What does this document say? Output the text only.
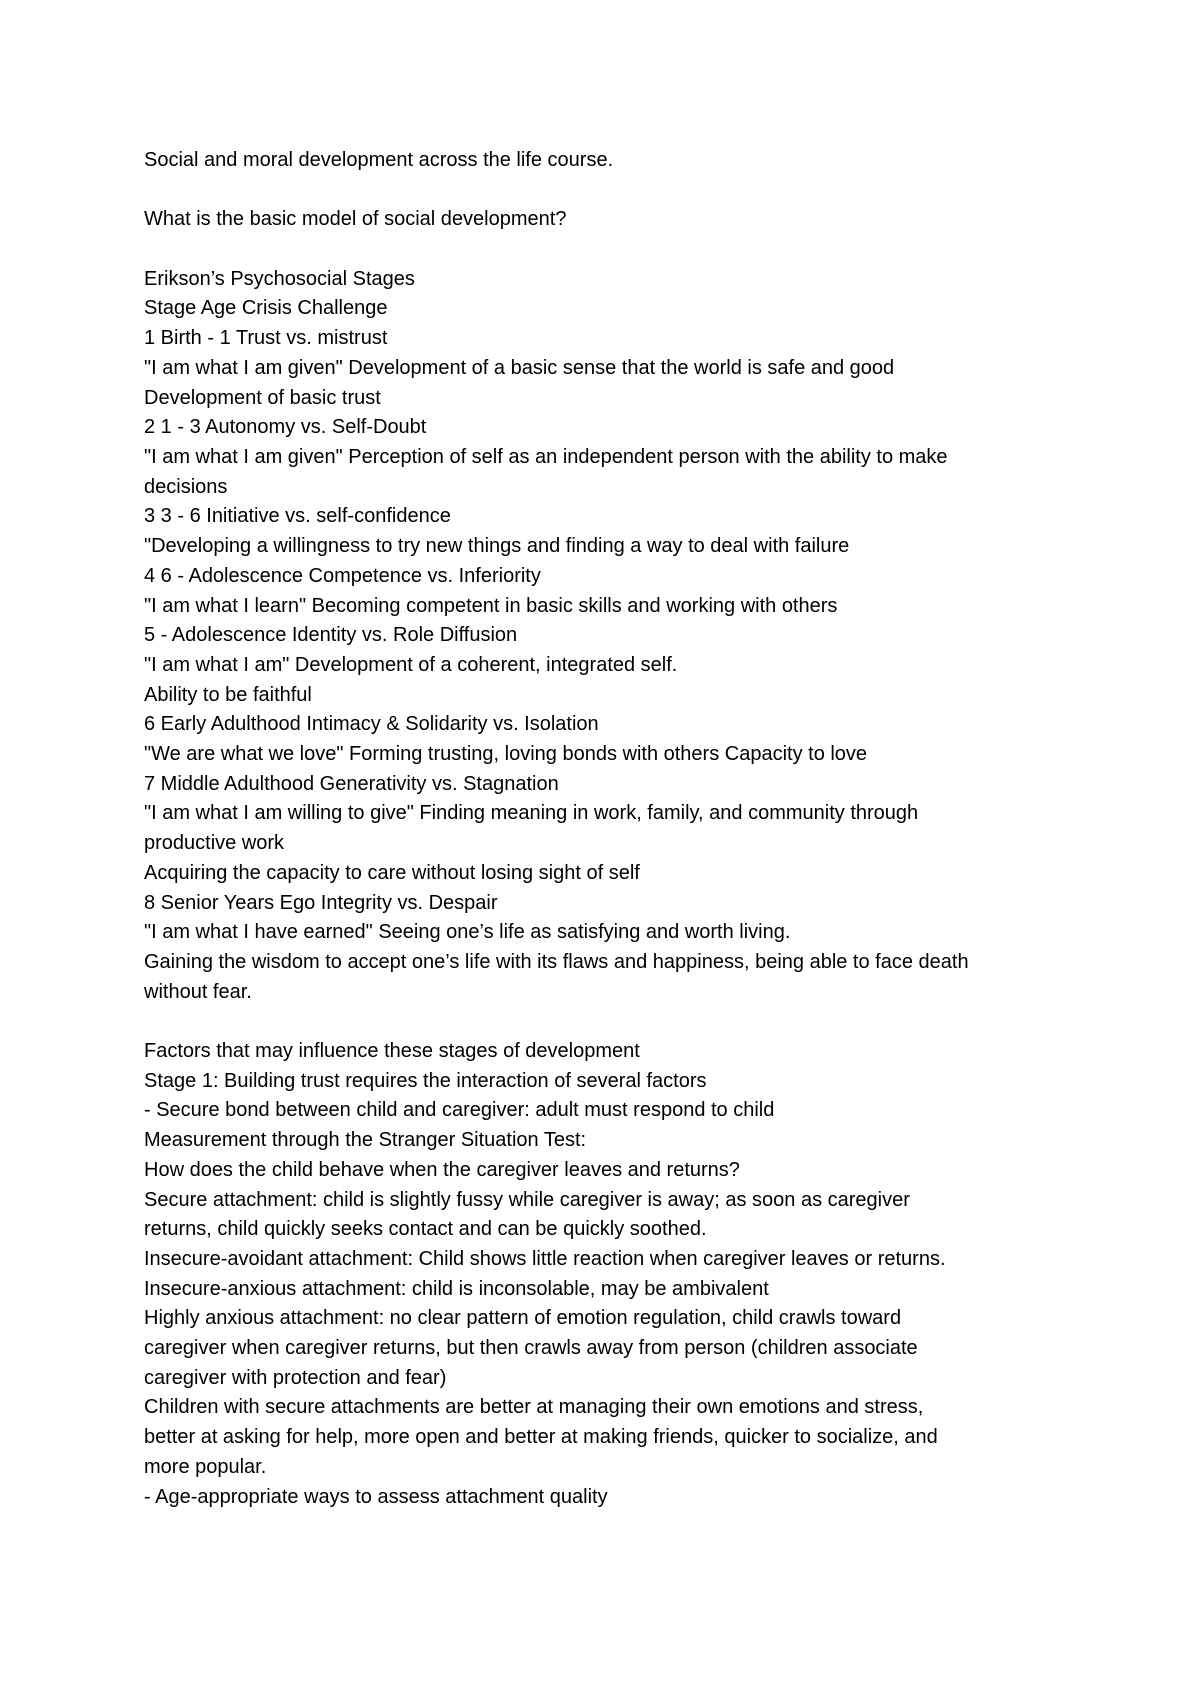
Social and moral development across the life course.

What is the basic model of social development?

Erikson’s Psychosocial Stages

Stage Age Crisis Challenge

1 Birth - 1 Trust vs. mistrust

"I am what I am given" Development of a basic sense that the world is safe and good

Development of basic trust

2 1 - 3 Autonomy vs. Self-Doubt

"I am what I am given" Perception of self as an independent person with the ability to make

decisions

3 3 - 6 Initiative vs. self-confidence

"Developing a willingness to try new things and finding a way to deal with failure

4 6 - Adolescence Competence vs. Inferiority

"I am what I learn" Becoming competent in basic skills and working with others

5 - Adolescence Identity vs. Role Diffusion

"I am what I am" Development of a coherent, integrated self.

Ability to be faithful

6 Early Adulthood Intimacy & Solidarity vs. Isolation

"We are what we love" Forming trusting, loving bonds with others Capacity to love

7 Middle Adulthood Generativity vs. Stagnation

"I am what I am willing to give" Finding meaning in work, family, and community through

productive work

Acquiring the capacity to care without losing sight of self

8 Senior Years Ego Integrity vs. Despair

"I am what I have earned" Seeing one’s life as satisfying and worth living.

Gaining the wisdom to accept one’s life with its flaws and happiness, being able to face death

without fear.

Factors that may influence these stages of development

Stage 1: Building trust requires the interaction of several factors

- Secure bond between child and caregiver: adult must respond to child

Measurement through the Stranger Situation Test:

How does the child behave when the caregiver leaves and returns?

Secure attachment: child is slightly fussy while caregiver is away; as soon as caregiver

returns, child quickly seeks contact and can be quickly soothed.

Insecure-avoidant attachment: Child shows little reaction when caregiver leaves or returns.

Insecure-anxious attachment: child is inconsolable, may be ambivalent

Highly anxious attachment: no clear pattern of emotion regulation, child crawls toward

caregiver when caregiver returns, but then crawls away from person (children associate

caregiver with protection and fear)

Children with secure attachments are better at managing their own emotions and stress,

better at asking for help, more open and better at making friends, quicker to socialize, and

more popular.

- Age-appropriate ways to assess attachment quality
